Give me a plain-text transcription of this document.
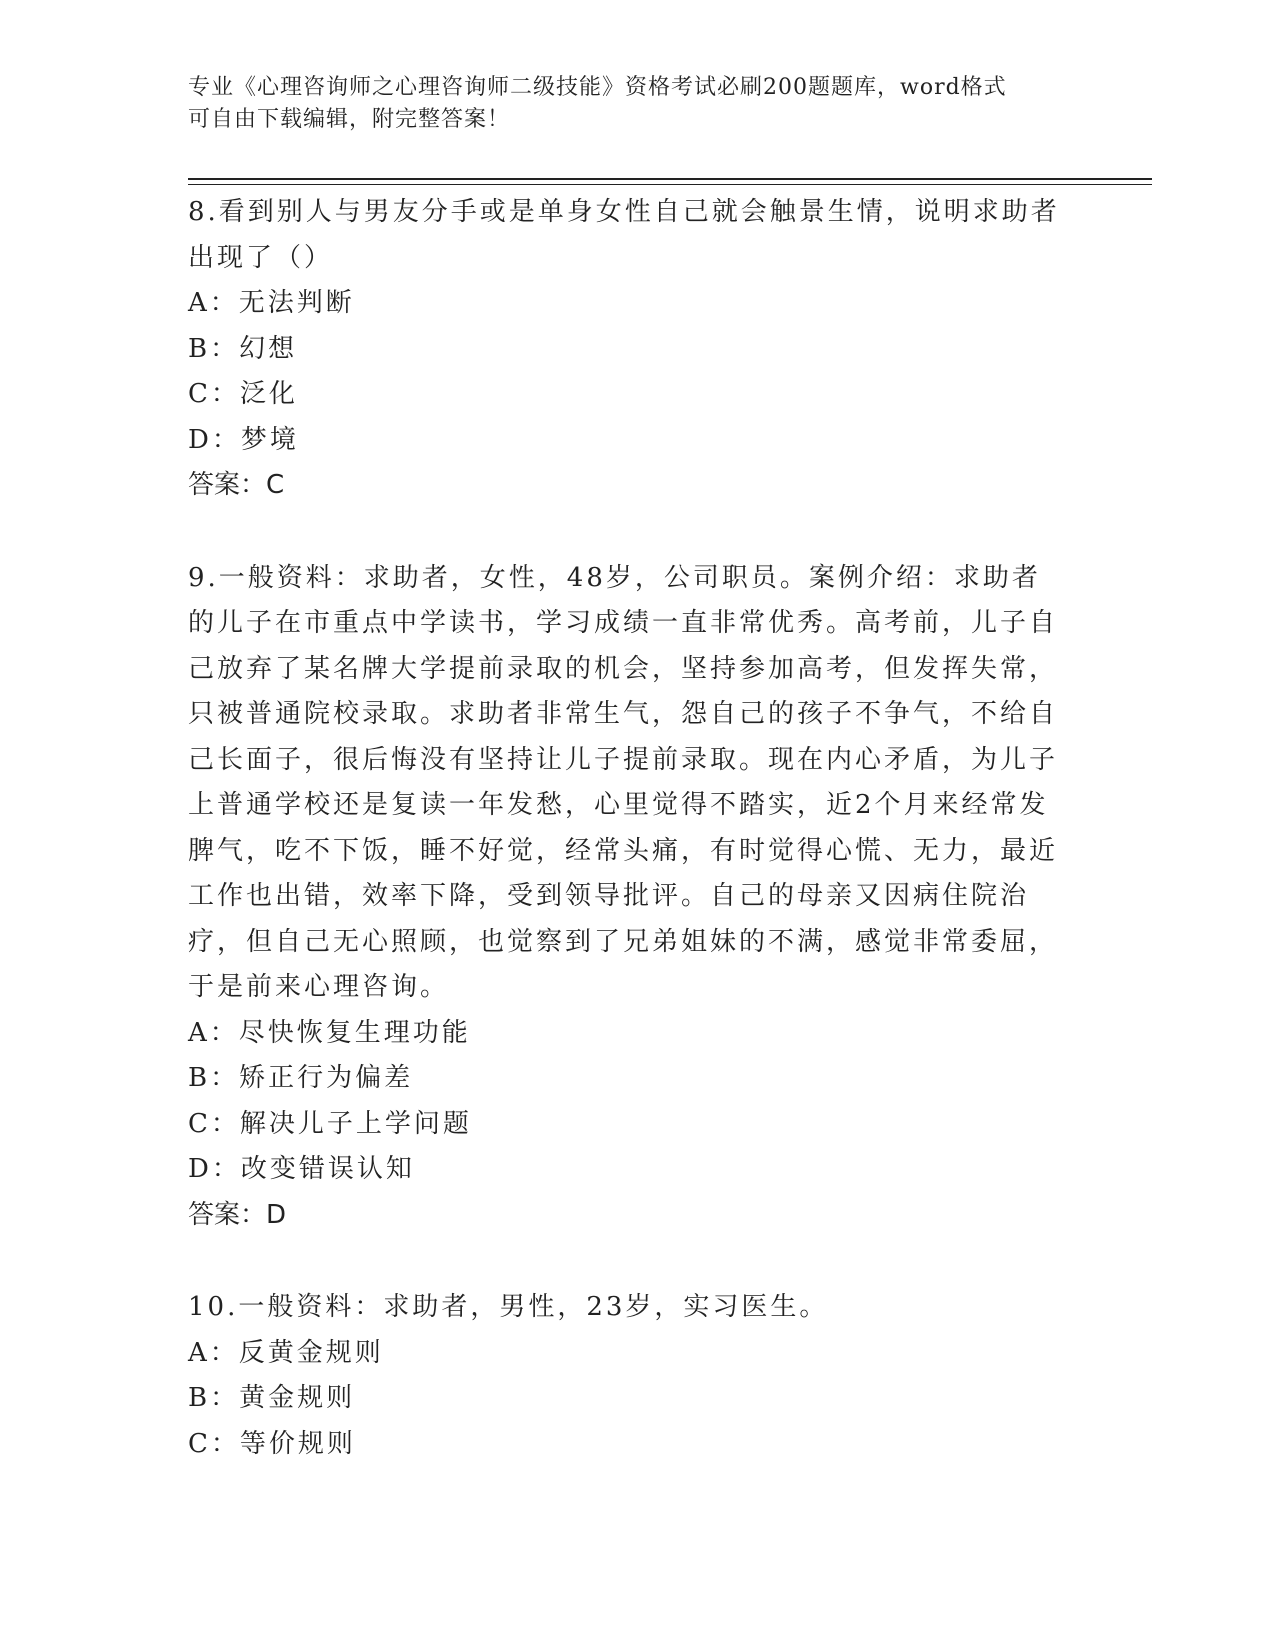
专业《心理咨询师之心理咨询师二级技能》资格考试必刷200题题库，word格式
可自由下载编辑，附完整答案！

8.看到别人与男友分手或是单身女性自己就会触景生情，说明求助者出现了（）

A：无法判断

B：幻想

C：泛化

D：梦境

答案：C

9.一般资料：求助者，女性，48岁，公司职员。案例介绍：求助者的儿子在市重点中学读书，学习成绩一直非常优秀。高考前，儿子自己放弃了某名牌大学提前录取的机会，坚持参加高考，但发挥失常，只被普通院校录取。求助者非常生气，怨自己的孩子不争气，不给自己长面子，很后悔没有坚持让儿子提前录取。现在内心矛盾，为儿子上普通学校还是复读一年发愁，心里觉得不踏实，近2个月来经常发脾气，吃不下饭，睡不好觉，经常头痛，有时觉得心慌、无力，最近工作也出错，效率下降，受到领导批评。自己的母亲又因病住院治疗，但自己无心照顾，也觉察到了兄弟姐妹的不满，感觉非常委屈，于是前来心理咨询。

A：尽快恢复生理功能

B：矫正行为偏差

C：解决儿子上学问题

D：改变错误认知

答案：D

10.一般资料：求助者，男性，23岁，实习医生。

A：反黄金规则

B：黄金规则

C：等价规则
